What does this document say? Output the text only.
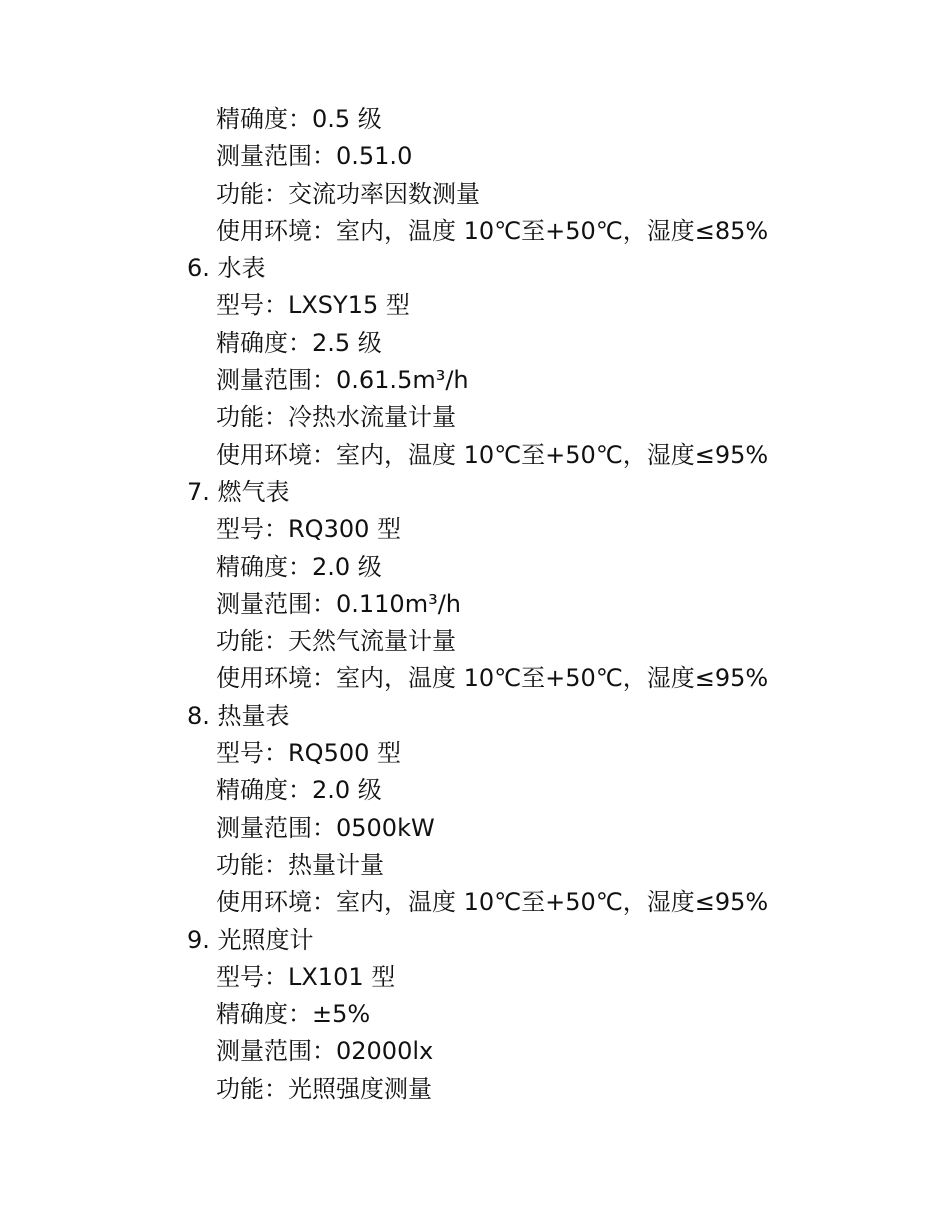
精确度：0.5 级
测量范围：0.51.0
功能：交流功率因数测量
使用环境：室内，温度 10℃至+50℃，湿度≤85%
6. 水表
型号：LXSY15 型
精确度：2.5 级
测量范围：0.61.5m³/h
功能：冷热水流量计量
使用环境：室内，温度 10℃至+50℃，湿度≤95%
7. 燃气表
型号：RQ300 型
精确度：2.0 级
测量范围：0.110m³/h
功能：天然气流量计量
使用环境：室内，温度 10℃至+50℃，湿度≤95%
8. 热量表
型号：RQ500 型
精确度：2.0 级
测量范围：0500kW
功能：热量计量
使用环境：室内，温度 10℃至+50℃，湿度≤95%
9. 光照度计
型号：LX101 型
精确度：±5%
测量范围：02000lx
功能：光照强度测量
